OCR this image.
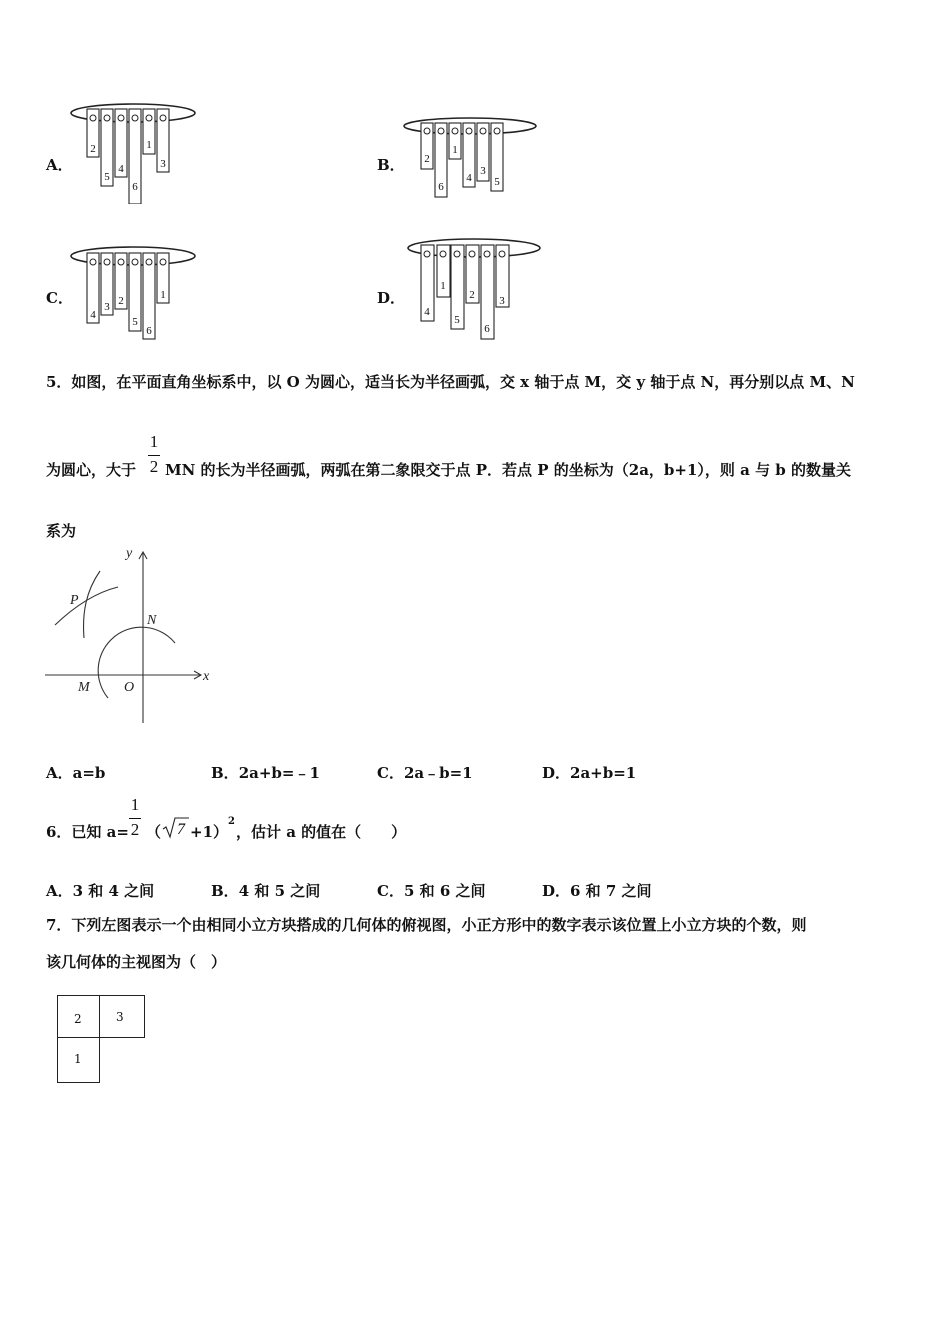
A．
2
5
4
6
1
3	B． 2
6
1
4
3
5
C．
4
3 2
5
6
1	D．
4
1
5
2
6
3
5．如图，在平面直角坐标系中，以 O 为圆心，适当长为半径画弧，交 x 轴于点 M，交 y 轴于点 N，再分别以点 M、N
为圆心，大于
1
2 MN 的长为半径画弧，两弧在第二象限交于点 P．若点 P 的坐标为（2a，b+1），则 a 与 b 的数量关
系为
y
x
P
N
M O
A．a=b	B．2a+b=﹣1	C．2a﹣b=1	D．2a+b=1
6．已知 a=
1
2 （ 7 +1）
2
，估计 a 的值在（　　）
A．3 和 4 之间	B．4 和 5 之间	C．5 和 6 之间	D．6 和 7 之间
7．下列左图表示一个由相同小立方块搭成的几何体的俯视图，小正方形中的数字表示该位置上小立方块的个数，则
该几何体的主视图为（　）
2	3
1
